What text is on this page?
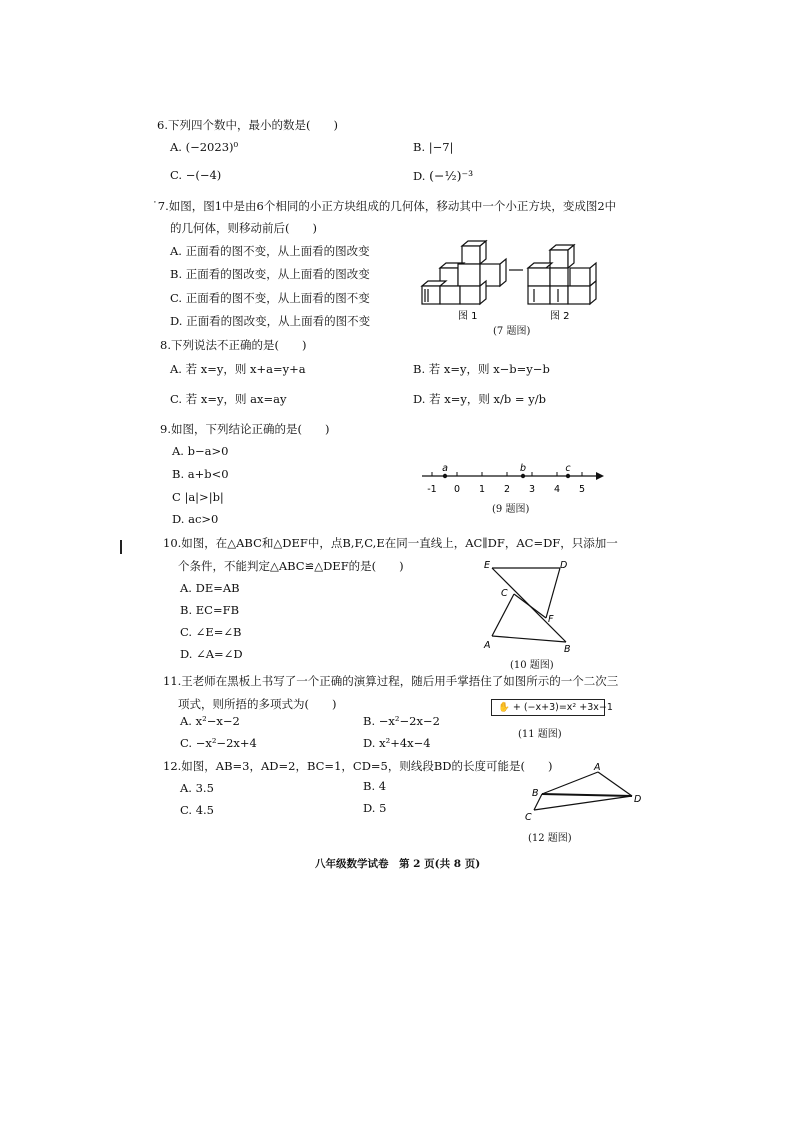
6.下列四个数中，最小的数是(　　)
A. (−2023)⁰	B. |−7|
C. −(−4)	D. (−½)⁻³
˙7.如图，图1中是由6个相同的小正方块组成的几何体，移动其中一个小正方块，变成图2中
的几何体，则移动前后(　　)
A. 正面看的图不变，从上面看的图改变
B. 正面看的图改变，从上面看的图改变
C. 正面看的图不变，从上面看的图不变
D. 正面看的图改变，从上面看的图不变	图 1	图 2
(7 题图)
8.下列说法不正确的是(　　)
A. 若 x=y，则 x+a=y+a	B. 若 x=y，则 x−b=y−b
C. 若 x=y，则 ax=ay	D. 若 x=y，则 x/b = y/b
9.如图，下列结论正确的是(　　)
A. b−a>0
B. a+b<0
C |a|>|b|
D. ac>0
-1 0 1 2 3 4 5
a	b	c
(9 题图)
10.如图，在△ABC和△DEF中，点B,F,C,E在同一直线上，AC∥DF，AC=DF，只添加一
个条件，不能判定△ABC≌△DEF的是(　　)
A. DE=AB
B. EC=FB
C. ∠E=∠B
D. ∠A=∠D
E	D
C
F
A	B
(10 题图)
11.王老师在黑板上书写了一个正确的演算过程，随后用手掌捂住了如图所示的一个二次三
项式，则所捂的多项式为(　　)
A. x²−x−2	B. −x²−2x−2
C. −x²−2x+4	D. x²+4x−4
✋ + (−x+3)=x² +3x−1
(11 题图)
12.如图，AB=3，AD=2，BC=1，CD=5，则线段BD的长度可能是(　　)
A. 3.5	B. 4
C. 4.5	D. 5
A
B
D
C
(12 题图)
八年级数学试卷　第 2 页(共 8 页)
